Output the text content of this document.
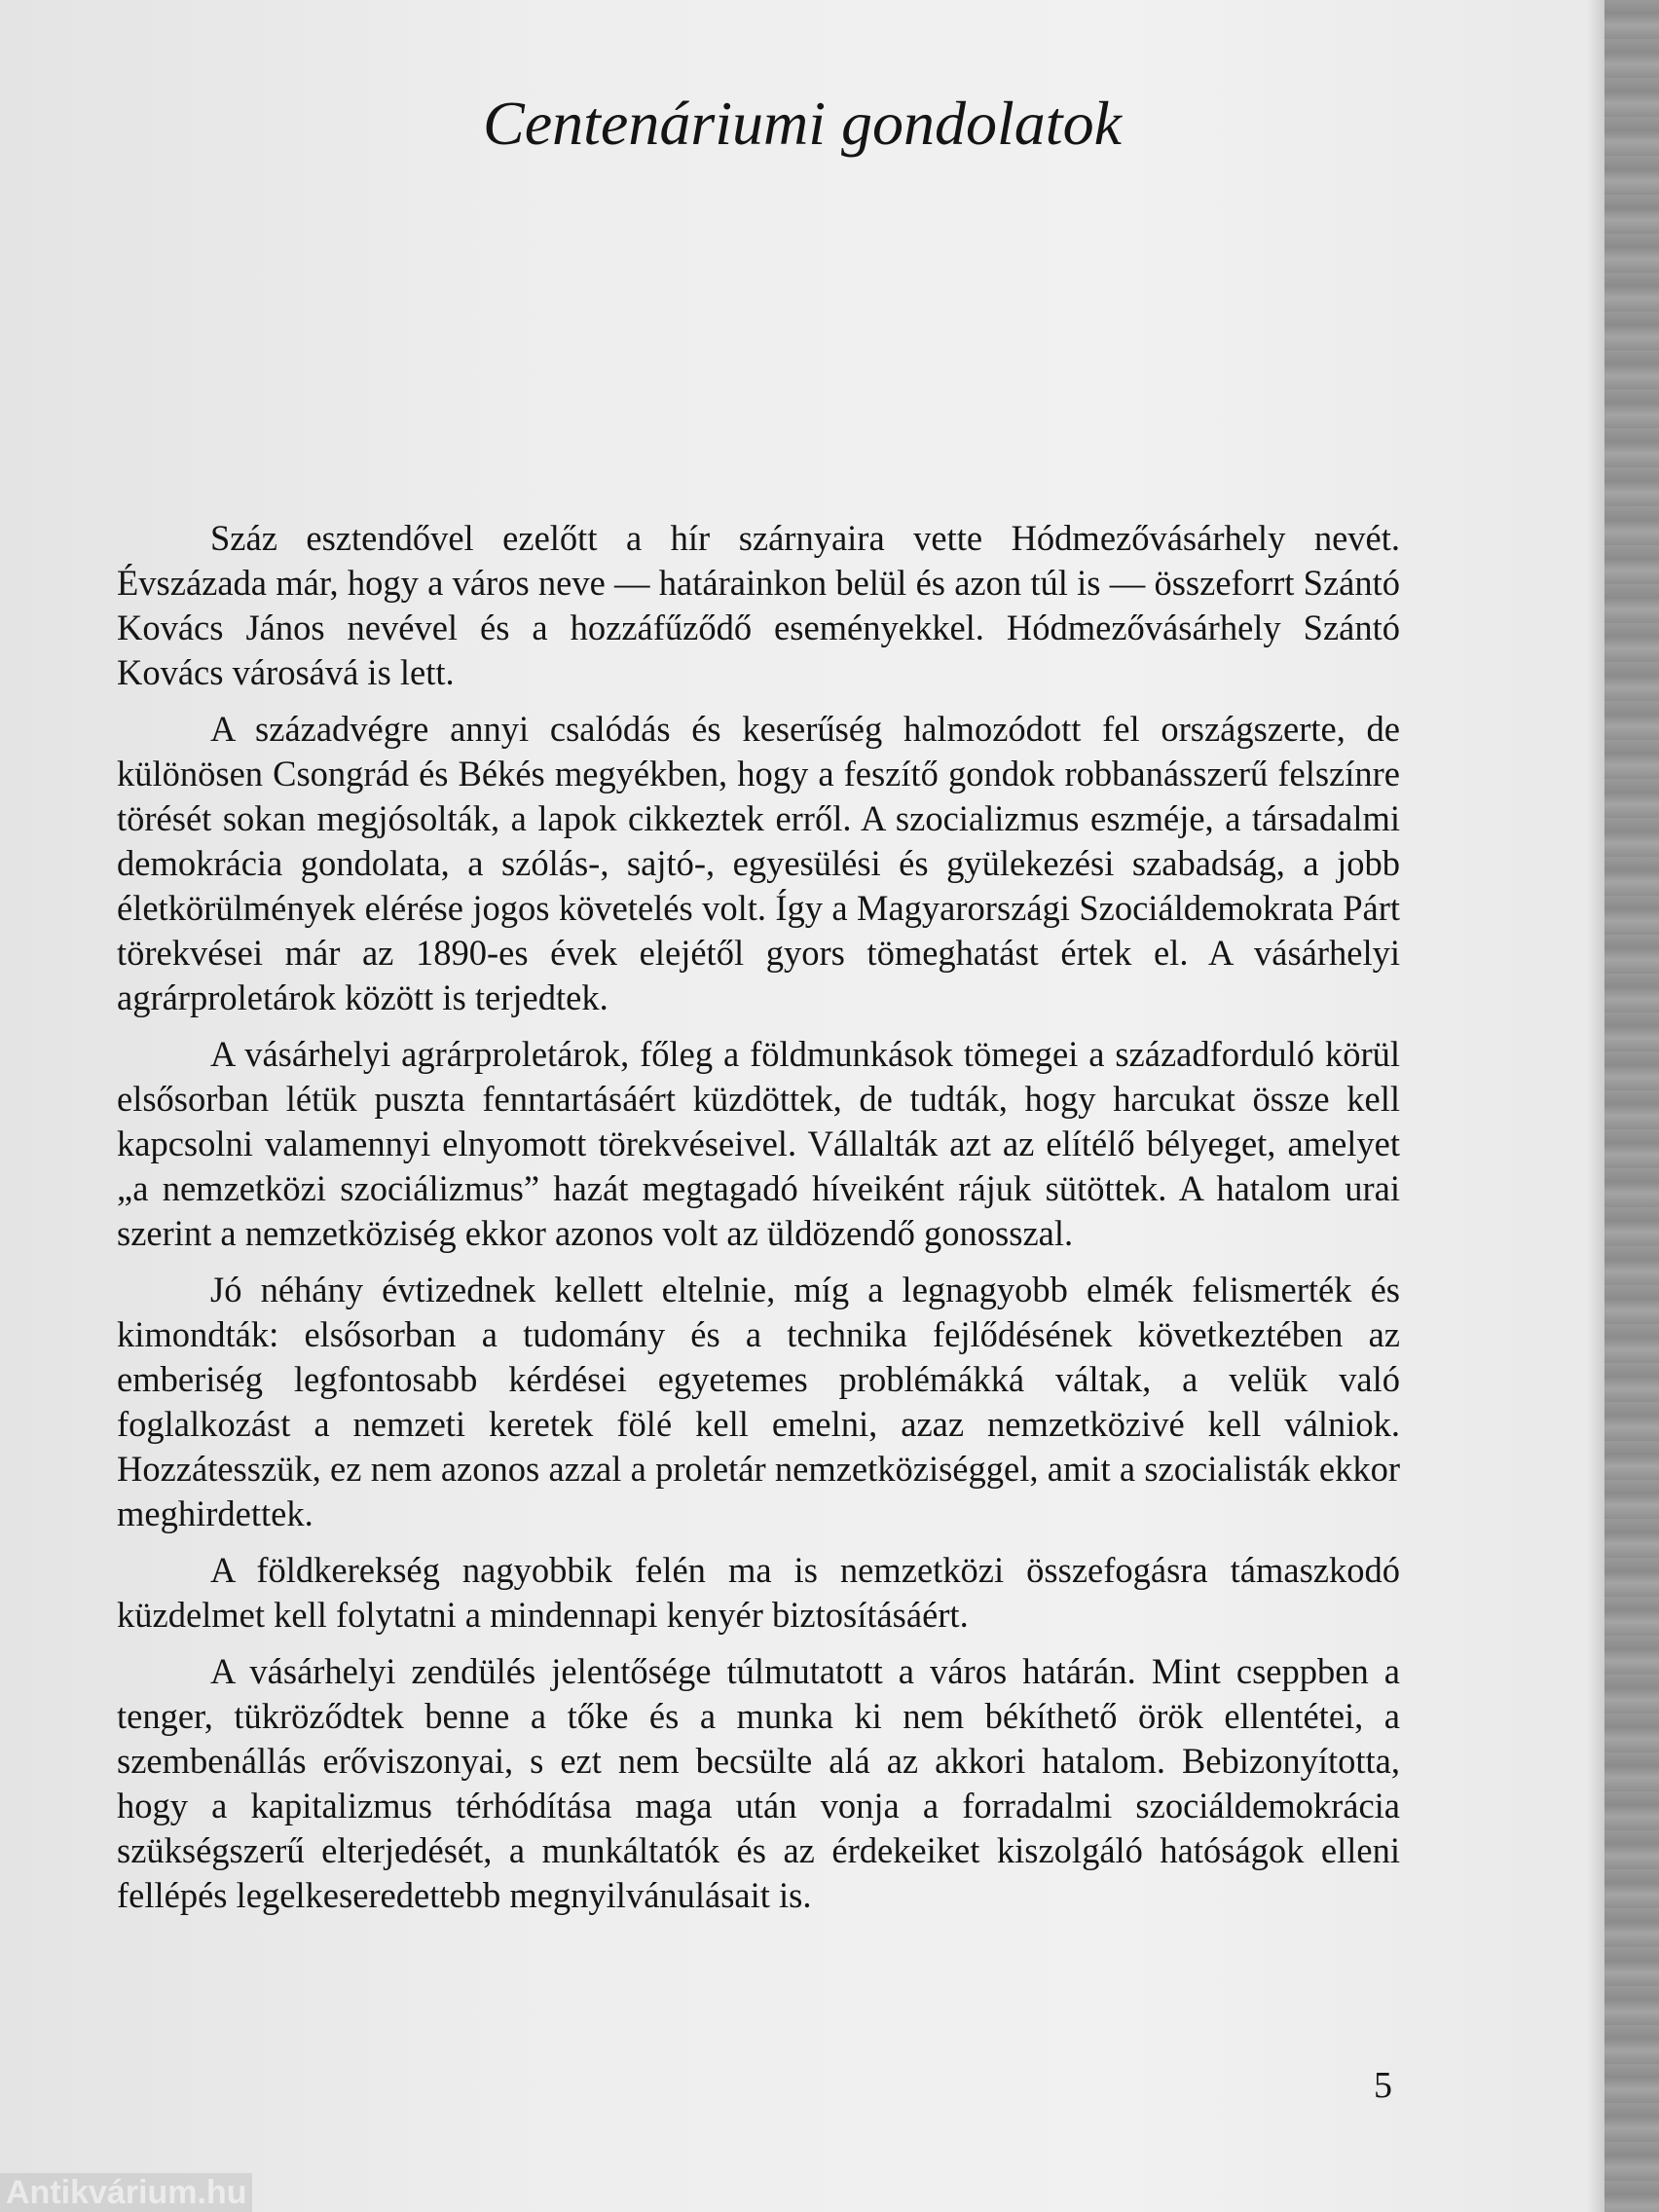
Centenáriumi gondolatok

Száz esztendővel ezelőtt a hír szárnyaira vette Hódmezővásárhely nevét. Évszázada már, hogy a város neve — határainkon belül és azon túl is — összeforrt Szántó Kovács János nevével és a hozzáfűződő eseményekkel. Hódmezővásárhely Szántó Kovács városává is lett.

A századvégre annyi csalódás és keserűség halmozódott fel országszerte, de különösen Csongrád és Békés megyékben, hogy a feszítő gondok robbanásszerű felszínre törését sokan megjósolták, a lapok cikkeztek erről. A szocializmus eszméje, a társadalmi demokrácia gondolata, a szólás-, sajtó-, egyesülési és gyülekezési szabadság, a jobb életkörülmények elérése jogos követelés volt. Így a Magyarországi Szociáldemokrata Párt törekvései már az 1890-es évek elejétől gyors tömeghatást értek el. A vásárhelyi agrárproletárok között is terjedtek.

A vásárhelyi agrárproletárok, főleg a földmunkások tömegei a századforduló körül elsősorban létük puszta fenntartásáért küzdöttek, de tudták, hogy harcukat össze kell kapcsolni valamennyi elnyomott törekvéseivel. Vállalták azt az elítélő bélyeget, amelyet „a nemzetközi szociálizmus” hazát megtagadó híveiként rájuk sütöttek. A hatalom urai szerint a nemzetköziség ekkor azonos volt az üldözendő gonosszal.

Jó néhány évtizednek kellett eltelnie, míg a legnagyobb elmék felismerték és kimondták: elsősorban a tudomány és a technika fejlődésének következtében az emberiség legfontosabb kérdései egyetemes problémákká váltak, a velük való foglalkozást a nemzeti keretek fölé kell emelni, azaz nemzetközivé kell válniok. Hozzátesszük, ez nem azonos azzal a proletár nemzetköziséggel, amit a szocialisták ekkor meghirdettek.

A földkerekség nagyobbik felén ma is nemzetközi összefogásra támaszkodó küzdelmet kell folytatni a mindennapi kenyér biztosításáért.

A vásárhelyi zendülés jelentősége túlmutatott a város határán. Mint cseppben a tenger, tükröződtek benne a tőke és a munka ki nem békíthető örök ellentétei, a szembenállás erőviszonyai, s ezt nem becsülte alá az akkori hatalom. Bebizonyította, hogy a kapitalizmus térhódítása maga után vonja a forradalmi szociáldemokrácia szükségszerű elterjedését, a munkáltatók és az érdekeiket kiszolgáló hatóságok elleni fellépés legelkeseredettebb megnyilvánulásait is.

5
Antikvárium.hu
